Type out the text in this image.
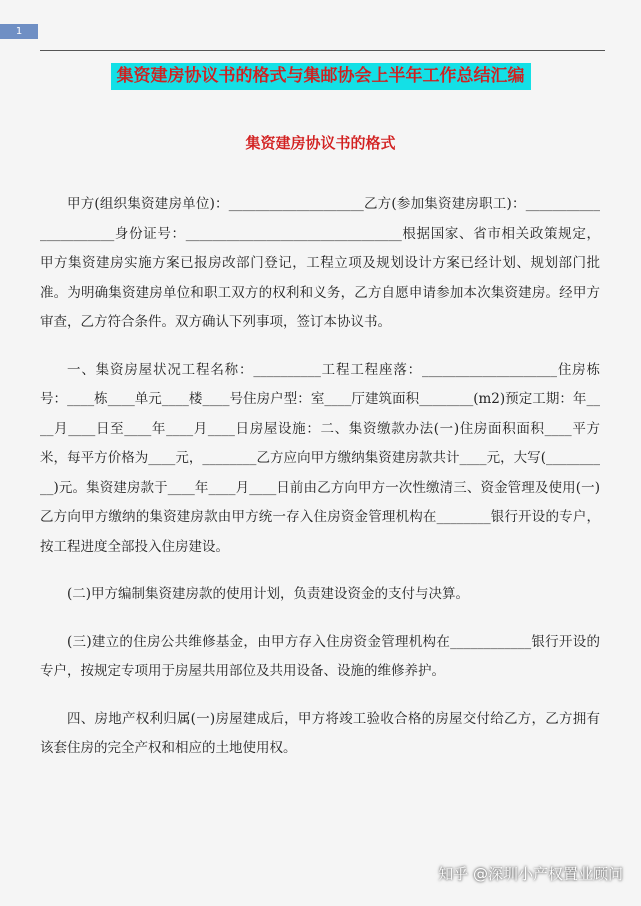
1
集资建房协议书的格式与集邮协会上半年工作总结汇编
集资建房协议书的格式

甲方(组织集资建房单位)：____________________乙方(参加集资建房职工)：______________________身份证号：________________________________根据国家、省市相关政策规定，甲方集资建房实施方案已报房改部门登记，工程立项及规划设计方案已经计划、规划部门批准。为明确集资建房单位和职工双方的权利和义务，乙方自愿申请参加本次集资建房。经甲方审查，乙方符合条件。双方确认下列事项，签订本协议书。

一、集资房屋状况工程名称：__________工程工程座落：____________________住房栋号：____栋____单元____楼____号住房户型：室____厅建筑面积________(m2)预定工期：年____月____日至____年____月____日房屋设施：二、集资缴款办法(一)住房面积面积____平方米，每平方价格为____元，________乙方应向甲方缴纳集资建房款共计____元，大写(__________)元。集资建房款于____年____月____日前由乙方向甲方一次性缴清三、资金管理及使用(一)乙方向甲方缴纳的集资建房款由甲方统一存入住房资金管理机构在________银行开设的专户，按工程进度全部投入住房建设。

(二)甲方编制集资建房款的使用计划，负责建设资金的支付与决算。

(三)建立的住房公共维修基金，由甲方存入住房资金管理机构在____________银行开设的专户，按规定专项用于房屋共用部位及共用设备、设施的维修养护。

四、房地产权利归属(一)房屋建成后，甲方将竣工验收合格的房屋交付给乙方，乙方拥有该套住房的完全产权和相应的土地使用权。

知乎 @深圳小产权置业顾问
